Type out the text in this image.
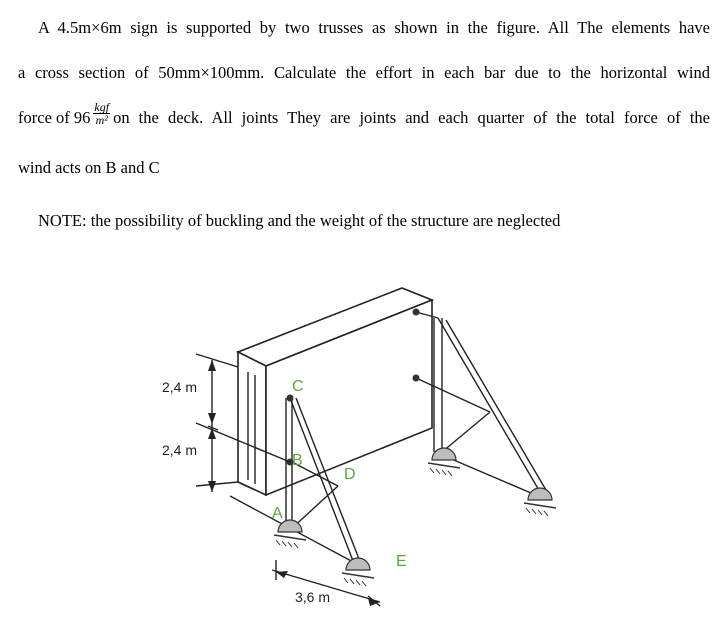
A 4.5m×6m sign is supported by two trusses as shown in the figure. All The elements have
a cross section of 50mm×100mm. Calculate the effort in each bar due to the horizontal wind
force of $96 \frac{\text{kgf}}{\text{m²}}$ on the deck. All joints They are joints and each quarter of the total force of the
wind acts on B and C
NOTE: the possibility of buckling and the weight of the structure are neglected
2,4 m
2,4 m
3,6 m
C
B
D
A
E
